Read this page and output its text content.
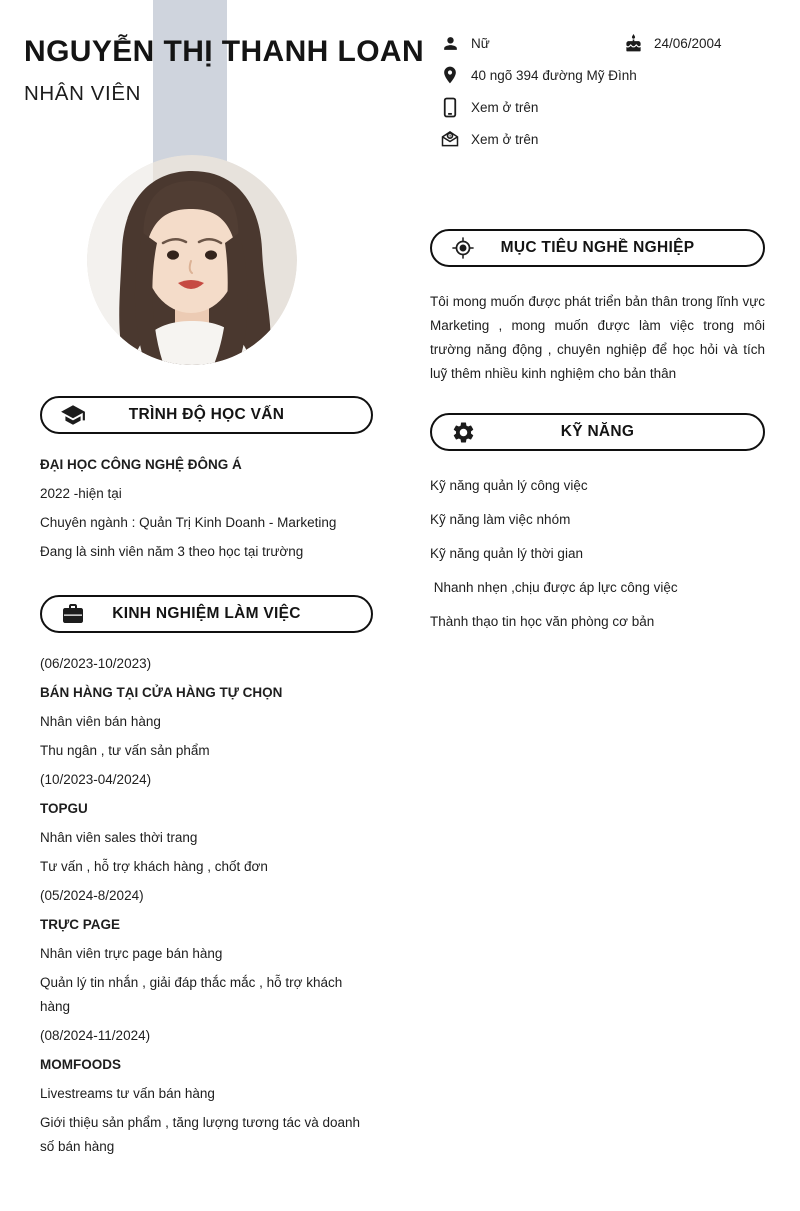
NGUYỄN THỊ THANH LOAN
NHÂN VIÊN
Nữ	24/06/2004
40 ngõ 394 đường Mỹ Đình
Xem ở trên
@ Xem ở trên
TRÌNH ĐỘ HỌC VẤN

ĐẠI HỌC CÔNG NGHỆ ĐÔNG Á

2022 -hiện tại

Chuyên ngành : Quản Trị Kinh Doanh - Marketing

Đang là sinh viên năm 3 theo học tại trường

KINH NGHIỆM LÀM VIỆC

(06/2023-10/2023)

BÁN HÀNG TẠI CỬA HÀNG TỰ CHỌN

Nhân viên bán hàng

Thu ngân , tư vấn sản phẩm

(10/2023-04/2024)

TOPGU

Nhân viên sales thời trang

Tư vấn , hỗ trợ khách hàng , chốt đơn

(05/2024-8/2024)

TRỰC PAGE

Nhân viên trực page bán hàng

Quản lý tin nhắn , giải đáp thắc mắc , hỗ trợ khách hàng

(08/2024-11/2024)

MOMFOODS

Livestreams tư vấn bán hàng

Giới thiệu sản phẩm , tăng lượng tương tác và doanh số bán hàng

MỤC TIÊU NGHỀ NGHIỆP

Tôi mong muốn được phát triển bản thân trong lĩnh vực Marketing , mong muốn được làm việc trong môi trường năng động , chuyên nghiệp để học hỏi và tích luỹ thêm nhiều kinh nghiệm cho bản thân

KỸ NĂNG
Kỹ năng quản lý công việc
Kỹ năng làm việc nhóm
Kỹ năng quản lý thời gian
Nhanh nhẹn ,chịu được áp lực công việc
Thành thạo tin học văn phòng cơ bản
